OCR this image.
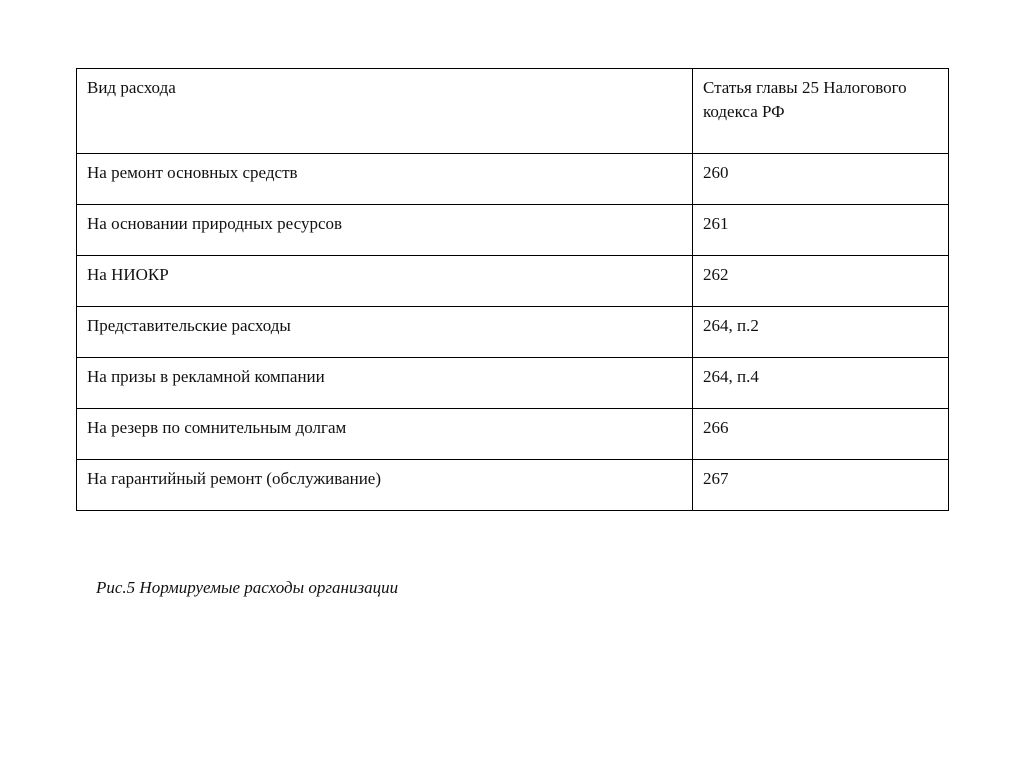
Вид расхода	Статья главы 25 Налогового кодекса РФ
На ремонт основных средств	260
На основании природных ресурсов	261
На НИОКР	262
Представительские расходы	264, п.2
На призы в рекламной компании	264, п.4
На резерв по сомнительным долгам	266
На гарантийный ремонт (обслуживание)	267
Рис.5 Нормируемые расходы организации
